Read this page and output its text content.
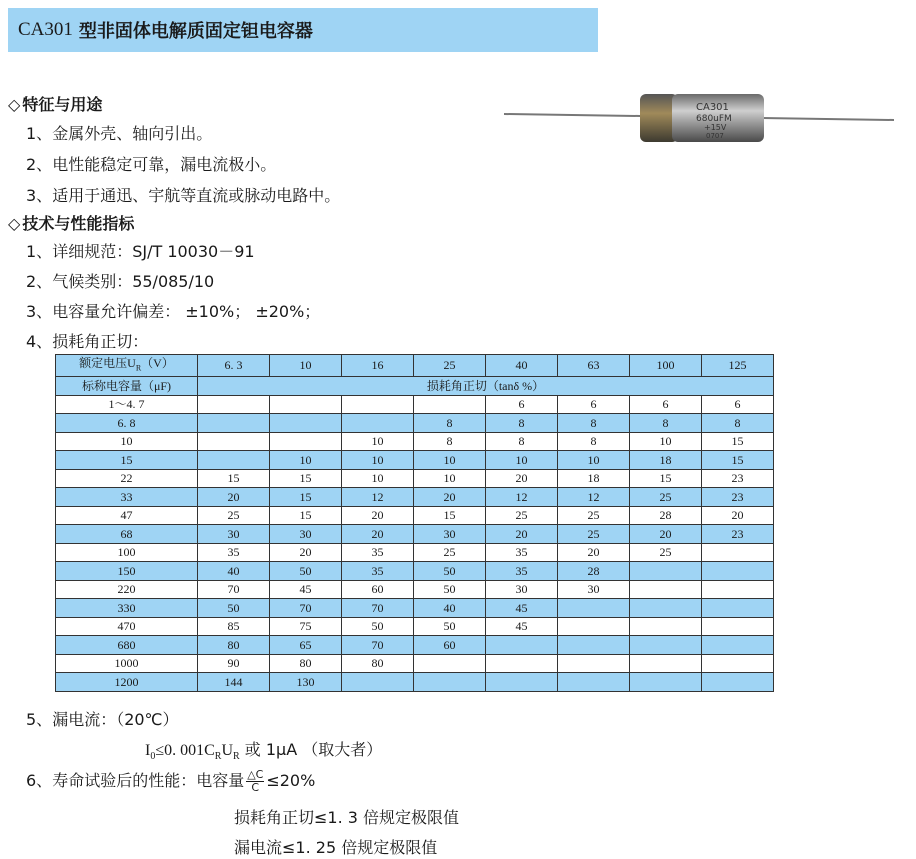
CA301 型非固体电解质固定钽电容器
◇ 特征与用途
1、金属外壳、轴向引出。
2、电性能稳定可靠，漏电流极小。
3、适用于通迅、宇航等直流或脉动电路中。
CA301
680uFM
+15V
0707
◇ 技术与性能指标
1、详细规范：SJ/T 10030－91
2、气候类别：55/085/10
3、电容量允许偏差： ±10%； ±20%；
4、损耗角正切：
额定电压$U_R(V)$	6. 3	10	16	25	40	63	100	125
标称电容量（μF)	损耗角正切（tanδ %）							
1～4. 7					6	6	6	6
6. 8				8	8	8	8	8
10			10	8	8	8	10	15
15		10	10	10	10	10	18	15
22	15	15	10	10	20	18	15	23
33	20	15	12	20	12	12	25	23
47	25	15	20	15	25	25	28	20
68	30	30	20	30	20	25	20	23
100	35	20	35	25	35	20	25	
150	40	50	35	50	35	28		
220	70	45	60	50	30	30		
330	50	70	70	40	45			
470	85	75	50	50	45			
680	80	65	70	60				
1000	90	80	80					
1200	144	130						
5、漏电流：（20℃）
$I_0\le 0$. $001C_RU_R$ 或 1μA （取大者）
6、寿命试验后的性能：电容量 $\frac{\triangle C}{C} \le 20\%$
损耗角正切≤1. 3 倍规定极限值
漏电流≤1. 25 倍规定极限值
